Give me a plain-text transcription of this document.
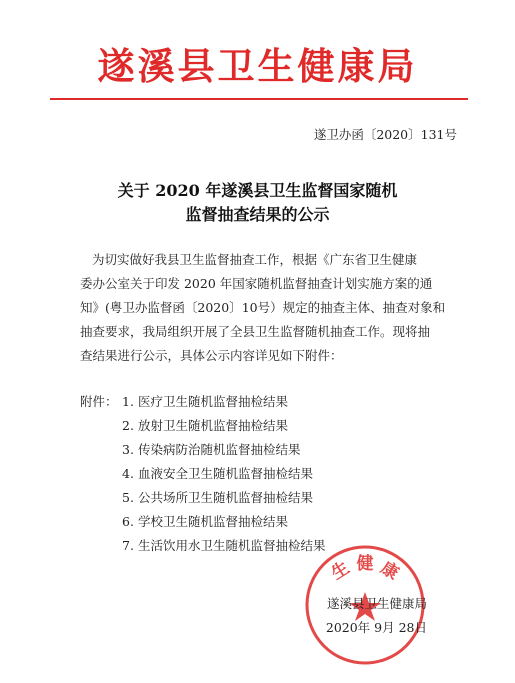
遂溪县卫生健康局
遂卫办函〔2020〕131号
关于 2020 年遂溪县卫生监督国家随机
监督抽查结果的公示
为切实做好我县卫生监督抽查工作，根据《广东省卫生健康
委办公室关于印发 2020 年国家随机监督抽查计划实施方案的通
知》(粤卫办监督函〔2020〕10号）规定的抽查主体、抽查对象和
抽查要求，我局组织开展了全县卫生监督随机抽查工作。现将抽
查结果进行公示，具体公示内容详见如下附件：
附件： 1. 医疗卫生随机监督抽检结果
2. 放射卫生随机监督抽检结果
3. 传染病防治随机监督抽检结果
4. 血液安全卫生随机监督抽检结果
5. 公共场所卫生随机监督抽检结果
6. 学校卫生随机监督抽检结果
7. 生活饮用水卫生随机监督抽检结果
生 健 康
遂溪县卫生健康局
2020年 9月 28日
